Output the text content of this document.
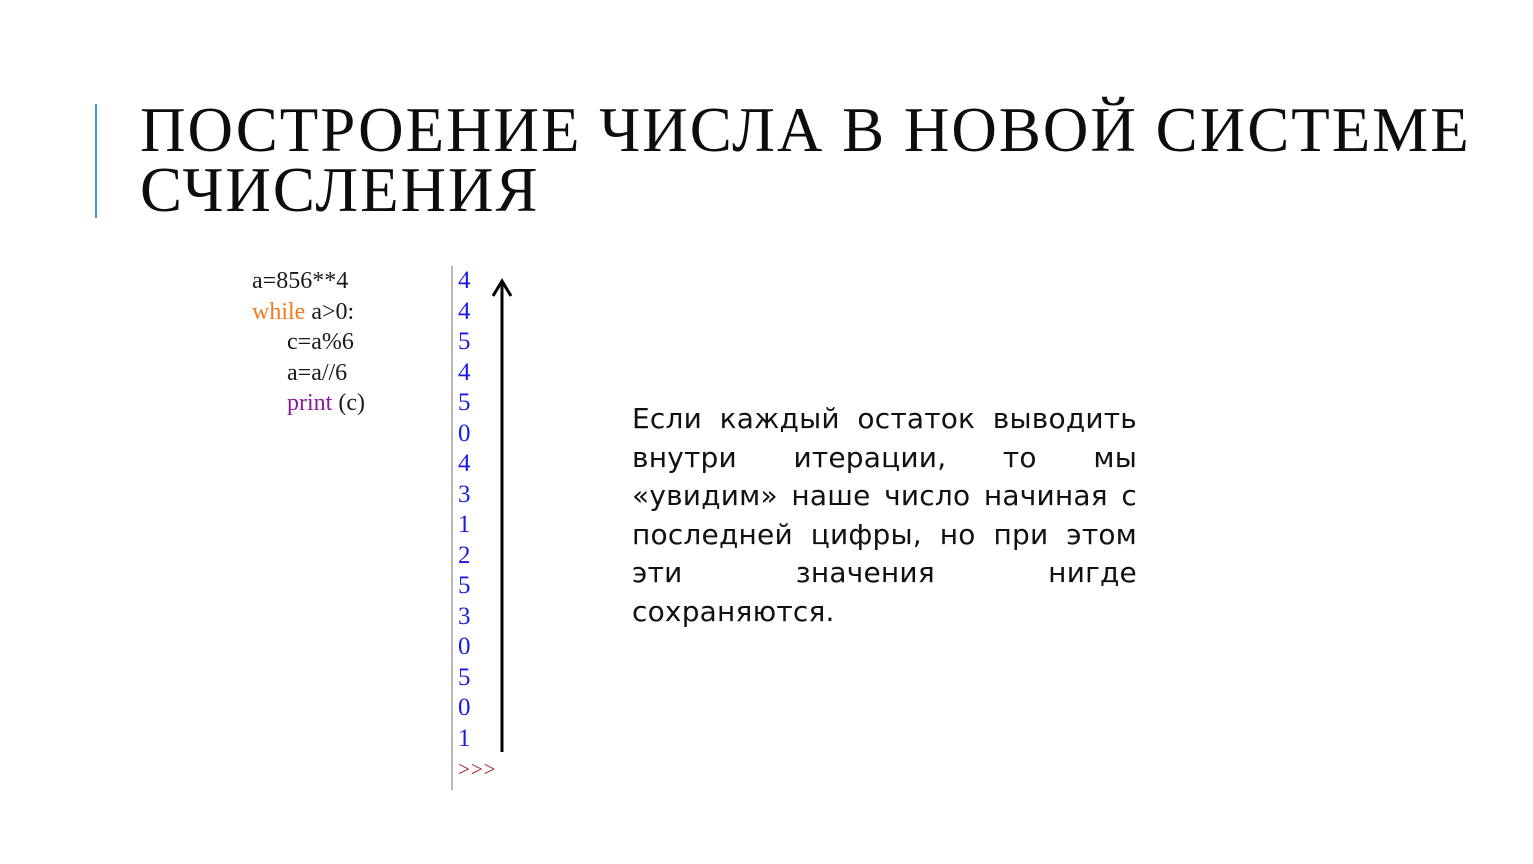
ПОСТРОЕНИЕ ЧИСЛА В НОВОЙ СИСТЕМЕ
СЧИСЛЕНИЯ
a=856**4
while a>0:
c=a%6
a=a//6
print (c)
4
4
5
4
5
0
4
3
1
2
5
3
0
5
0
1
>>>

Если каждый остаток выводить внутри итерации, то мы «увидим» наше число начиная с последней цифры, но при этом эти значения нигде сохраняются.
